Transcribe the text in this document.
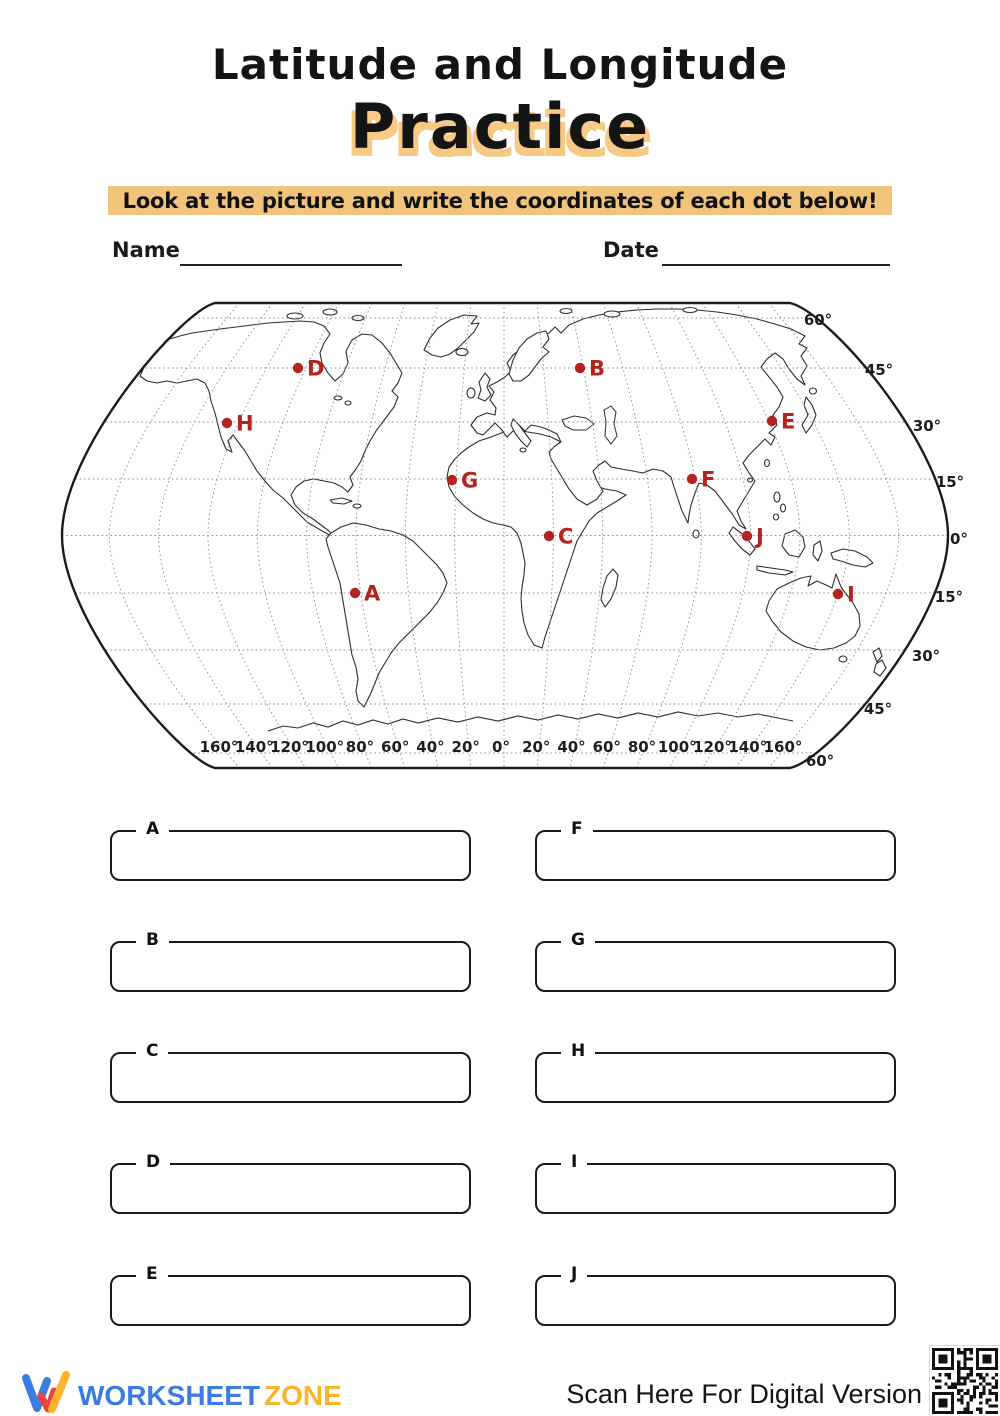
Latitude and Longitude
Practice
Look at the picture and write the coordinates of each dot below!
Name	Date
160°
140°
120°
100° 80° 60° 40° 20° 0° 20° 40° 60° 80° 100°
120°
140°
160°
60°
45°
30°
15°
0°
15°
30°
45°
60°
A
B
C
D
E
F
G
H
I
J
A
B
C
D
E
F
G
H
I
J
WORKSHEET ZONE	Scan Here For Digital Version
